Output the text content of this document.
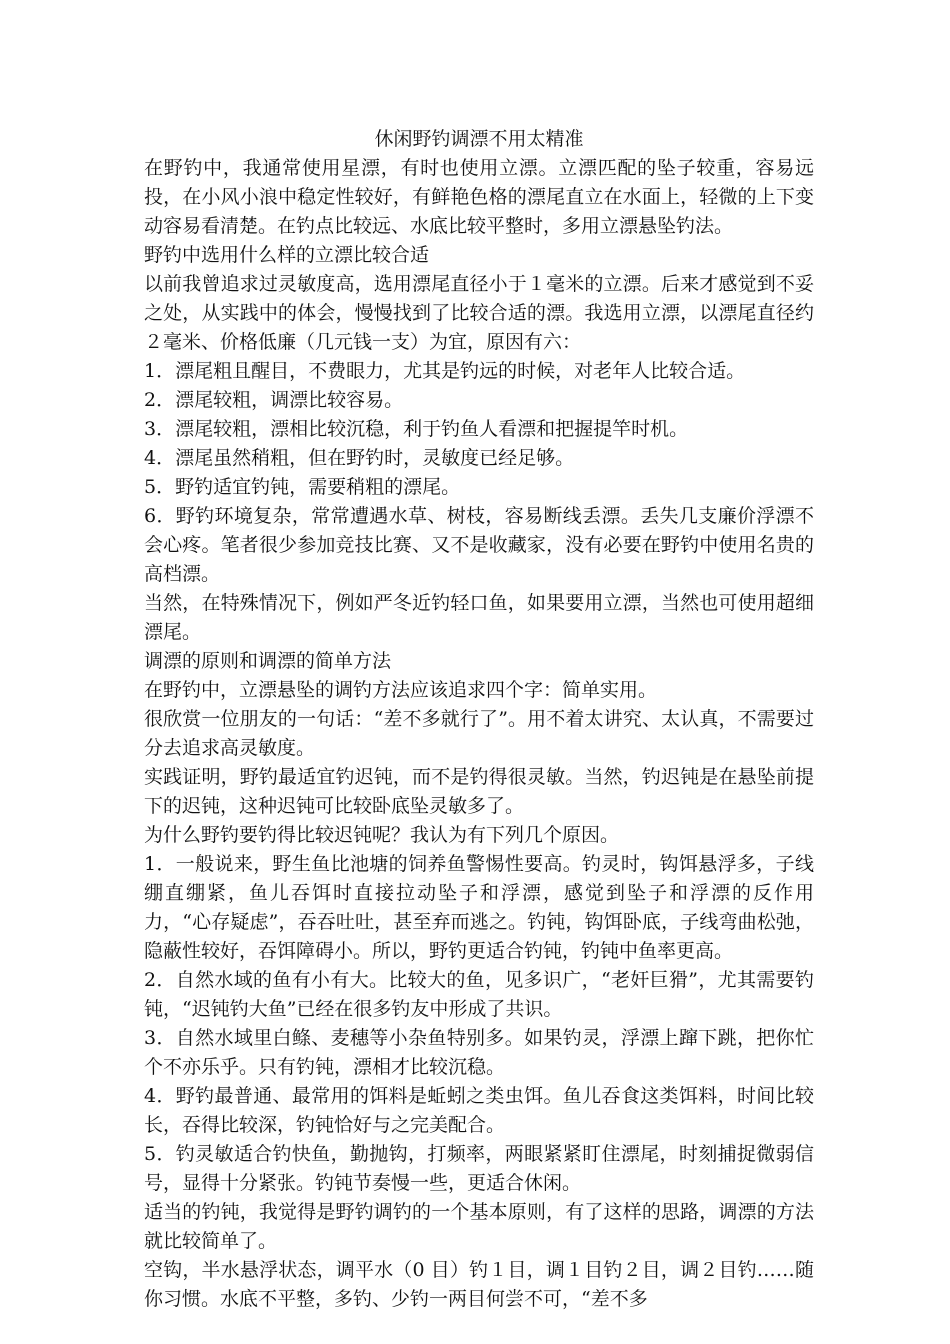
休闲野钓调漂不用太精准

在野钓中，我通常使用星漂，有时也使用立漂。立漂匹配的坠子较重，容易远投，在小风小浪中稳定性较好，有鲜艳色格的漂尾直立在水面上，轻微的上下变动容易看清楚。在钓点比较远、水底比较平整时，多用立漂悬坠钓法。

野钓中选用什么样的立漂比较合适

以前我曾追求过灵敏度高，选用漂尾直径小于１毫米的立漂。后来才感觉到不妥之处，从实践中的体会，慢慢找到了比较合适的漂。我选用立漂，以漂尾直径约２毫米、价格低廉（几元钱一支）为宜，原因有六：

1．漂尾粗且醒目，不费眼力，尤其是钓远的时候，对老年人比较合适。

2．漂尾较粗，调漂比较容易。

3．漂尾较粗，漂相比较沉稳，利于钓鱼人看漂和把握提竿时机。

4．漂尾虽然稍粗，但在野钓时，灵敏度已经足够。

5．野钓适宜钓钝，需要稍粗的漂尾。

6．野钓环境复杂，常常遭遇水草、树枝，容易断线丢漂。丢失几支廉价浮漂不会心疼。笔者很少参加竞技比赛、又不是收藏家，没有必要在野钓中使用名贵的高档漂。

当然，在特殊情况下，例如严冬近钓轻口鱼，如果要用立漂，当然也可使用超细漂尾。

调漂的原则和调漂的简单方法

在野钓中，立漂悬坠的调钓方法应该追求四个字：简单实用。

很欣赏一位朋友的一句话：“差不多就行了”。用不着太讲究、太认真，不需要过分去追求高灵敏度。

实践证明，野钓最适宜钓迟钝，而不是钓得很灵敏。当然，钓迟钝是在悬坠前提下的迟钝，这种迟钝可比较卧底坠灵敏多了。

为什么野钓要钓得比较迟钝呢？我认为有下列几个原因。

1．一般说来，野生鱼比池塘的饲养鱼警惕性要高。钓灵时，钩饵悬浮多，子线绷直绷紧，鱼儿吞饵时直接拉动坠子和浮漂，感觉到坠子和浮漂的反作用力，“心存疑虑”，吞吞吐吐，甚至弃而逃之。钓钝，钩饵卧底，子线弯曲松弛，隐蔽性较好，吞饵障碍小。所以，野钓更适合钓钝，钓钝中鱼率更高。

2．自然水域的鱼有小有大。比较大的鱼，见多识广，“老奸巨猾”，尤其需要钓钝，“迟钝钓大鱼”已经在很多钓友中形成了共识。

3．自然水域里白鲦、麦穗等小杂鱼特别多。如果钓灵，浮漂上蹿下跳，把你忙个不亦乐乎。只有钓钝，漂相才比较沉稳。

4．野钓最普通、最常用的饵料是蚯蚓之类虫饵。鱼儿吞食这类饵料，时间比较长，吞得比较深，钓钝恰好与之完美配合。

5．钓灵敏适合钓快鱼，勤抛钩，打频率，两眼紧紧盯住漂尾，时刻捕捉微弱信号，显得十分紧张。钓钝节奏慢一些，更适合休闲。

适当的钓钝，我觉得是野钓调钓的一个基本原则，有了这样的思路，调漂的方法就比较简单了。

空钩，半水悬浮状态，调平水（0 目）钓１目，调１目钓２目，调２目钓……随你习惯。水底不平整，多钓、少钓一两目何尝不可，“差不多
